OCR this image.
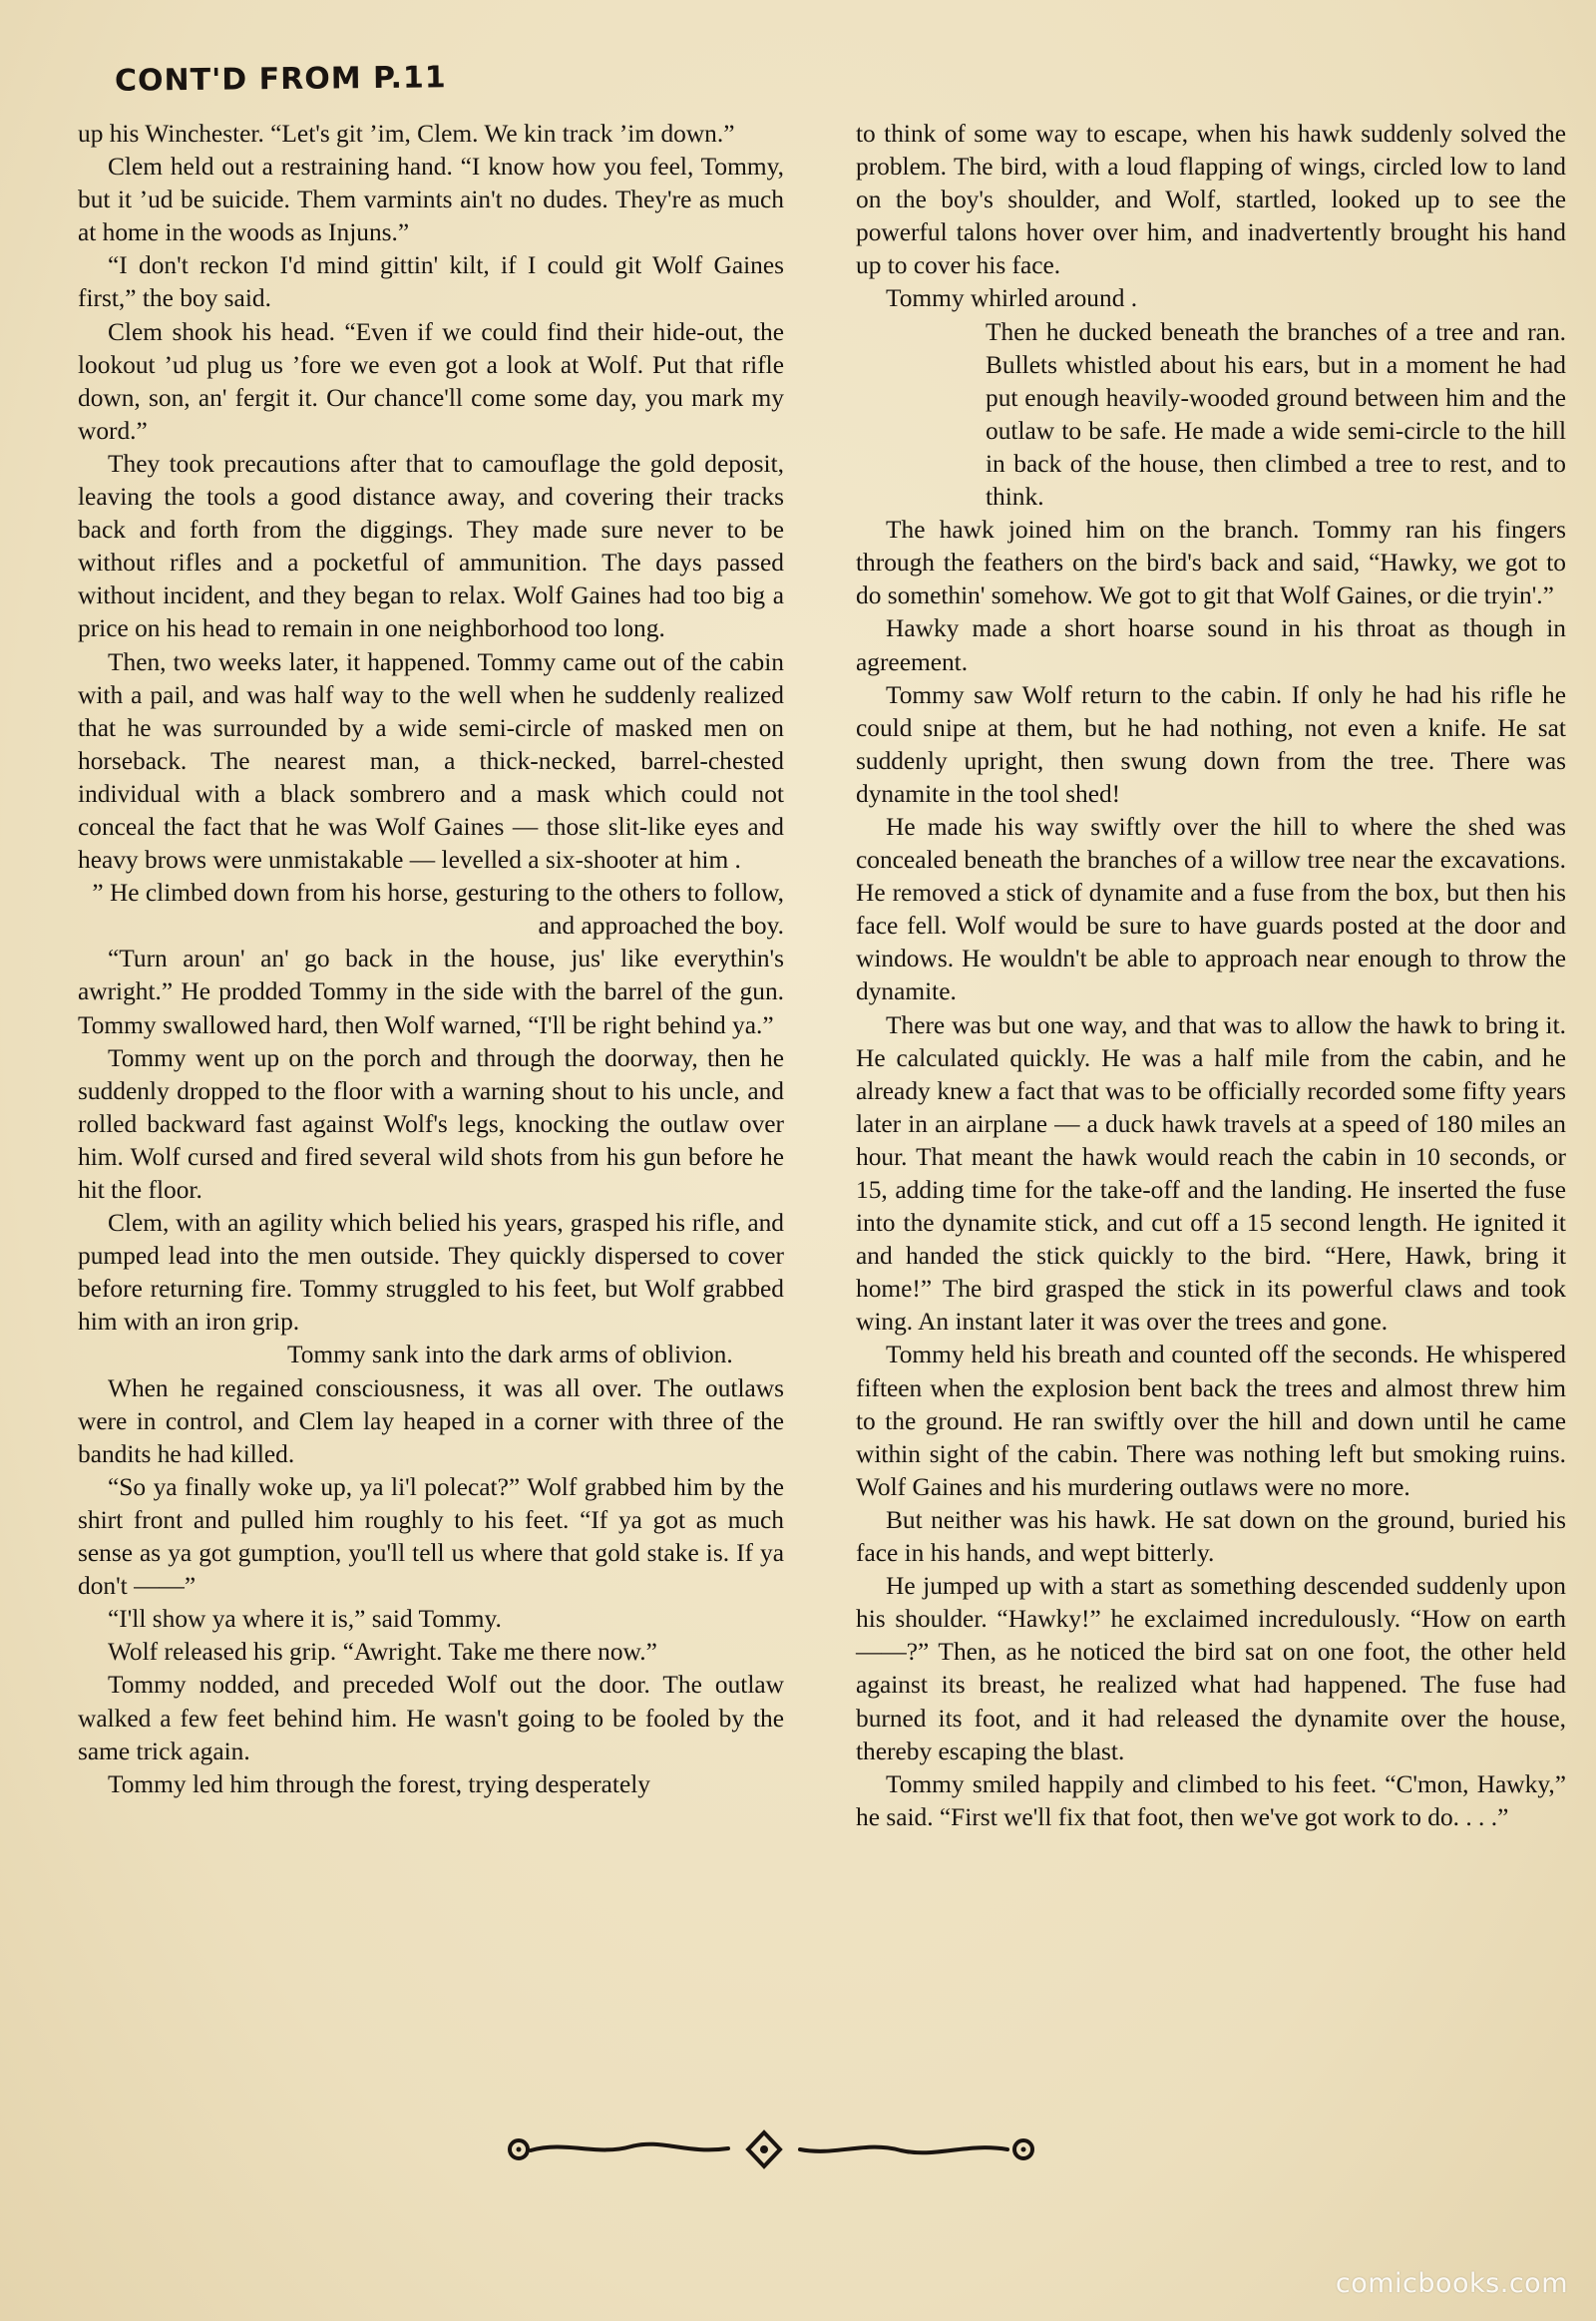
CONT'D FROM P.11

up his Winchester. “Let's git ’im, Clem. We kin track ’im down.”

Clem held out a restraining hand. “I know how you feel, Tommy, but it ’ud be suicide. Them varmints ain't no dudes. They're as much at home in the woods as Injuns.”

“I don't reckon I'd mind gittin' kilt, if I could git Wolf Gaines first,” the boy said.

Clem shook his head. “Even if we could find their hide-out, the lookout ’ud plug us ’fore we even got a look at Wolf. Put that rifle down, son, an' fergit it. Our chance'll come some day, you mark my word.”

They took precautions after that to camouflage the gold deposit, leaving the tools a good distance away, and covering their tracks back and forth from the diggings. They made sure never to be without rifles and a pocketful of ammunition. The days passed without incident, and they began to relax. Wolf Gaines had too big a price on his head to remain in one neighborhood too long.

Then, two weeks later, it happened. Tommy came out of the cabin with a pail, and was half way to the well when he suddenly realized that he was surrounded by a wide semi-circle of masked men on horseback. The nearest man, a thick-necked, barrel-chested individual with a black sombrero and a mask which could not conceal the fact that he was Wolf Gaines — those slit-like eyes and heavy brows were unmistakable — levelled a six-shooter at him .

” He climbed down from his horse, gesturing to the others to follow, and approached the boy.

“Turn aroun' an' go back in the house, jus' like everythin's awright.” He prodded Tommy in the side with the barrel of the gun. Tommy swallowed hard, then Wolf warned, “I'll be right behind ya.”

Tommy went up on the porch and through the doorway, then he suddenly dropped to the floor with a warning shout to his uncle, and rolled backward fast against Wolf's legs, knocking the outlaw over him. Wolf cursed and fired several wild shots from his gun before he hit the floor.

Clem, with an agility which belied his years, grasped his rifle, and pumped lead into the men outside. They quickly dispersed to cover before returning fire. Tommy struggled to his feet, but Wolf grabbed him with an iron grip.

Tommy sank into the dark arms of oblivion.

When he regained consciousness, it was all over. The outlaws were in control, and Clem lay heaped in a corner with three of the bandits he had killed.

“So ya finally woke up, ya li'l polecat?” Wolf grabbed him by the shirt front and pulled him roughly to his feet. “If ya got as much sense as ya got gumption, you'll tell us where that gold stake is. If ya don't ——”

“I'll show ya where it is,” said Tommy.

Wolf released his grip. “Awright. Take me there now.”

Tommy nodded, and preceded Wolf out the door. The outlaw walked a few feet behind him. He wasn't going to be fooled by the same trick again.

Tommy led him through the forest, trying desperately

to think of some way to escape, when his hawk suddenly solved the problem. The bird, with a loud flapping of wings, circled low to land on the boy's shoulder, and Wolf, startled, looked up to see the powerful talons hover over him, and inadvertently brought his hand up to cover his face.

Tommy whirled around .

Then he ducked beneath the branches of a tree and ran. Bullets whistled about his ears, but in a moment he had put enough heavily-wooded ground between him and the outlaw to be safe. He made a wide semi-circle to the hill in back of the house, then climbed a tree to rest, and to think.

The hawk joined him on the branch. Tommy ran his fingers through the feathers on the bird's back and said, “Hawky, we got to do somethin' somehow. We got to git that Wolf Gaines, or die tryin'.”

Hawky made a short hoarse sound in his throat as though in agreement.

Tommy saw Wolf return to the cabin. If only he had his rifle he could snipe at them, but he had nothing, not even a knife. He sat suddenly upright, then swung down from the tree. There was dynamite in the tool shed!

He made his way swiftly over the hill to where the shed was concealed beneath the branches of a willow tree near the excavations. He removed a stick of dynamite and a fuse from the box, but then his face fell. Wolf would be sure to have guards posted at the door and windows. He wouldn't be able to approach near enough to throw the dynamite.

There was but one way, and that was to allow the hawk to bring it. He calculated quickly. He was a half mile from the cabin, and he already knew a fact that was to be officially recorded some fifty years later in an airplane — a duck hawk travels at a speed of 180 miles an hour. That meant the hawk would reach the cabin in 10 seconds, or 15, adding time for the take-off and the landing. He inserted the fuse into the dynamite stick, and cut off a 15 second length. He ignited it and handed the stick quickly to the bird. “Here, Hawk, bring it home!” The bird grasped the stick in its powerful claws and took wing. An instant later it was over the trees and gone.

Tommy held his breath and counted off the seconds. He whispered fifteen when the explosion bent back the trees and almost threw him to the ground. He ran swiftly over the hill and down until he came within sight of the cabin. There was nothing left but smoking ruins. Wolf Gaines and his murdering outlaws were no more.

But neither was his hawk. He sat down on the ground, buried his face in his hands, and wept bitterly.

He jumped up with a start as something descended suddenly upon his shoulder. “Hawky!” he exclaimed incredulously. “How on earth ——?” Then, as he noticed the bird sat on one foot, the other held against its breast, he realized what had happened. The fuse had burned its foot, and it had released the dynamite over the house, thereby escaping the blast.

Tommy smiled happily and climbed to his feet. “C'mon, Hawky,” he said. “First we'll fix that foot, then we've got work to do. . . .”

comicbooks.com
